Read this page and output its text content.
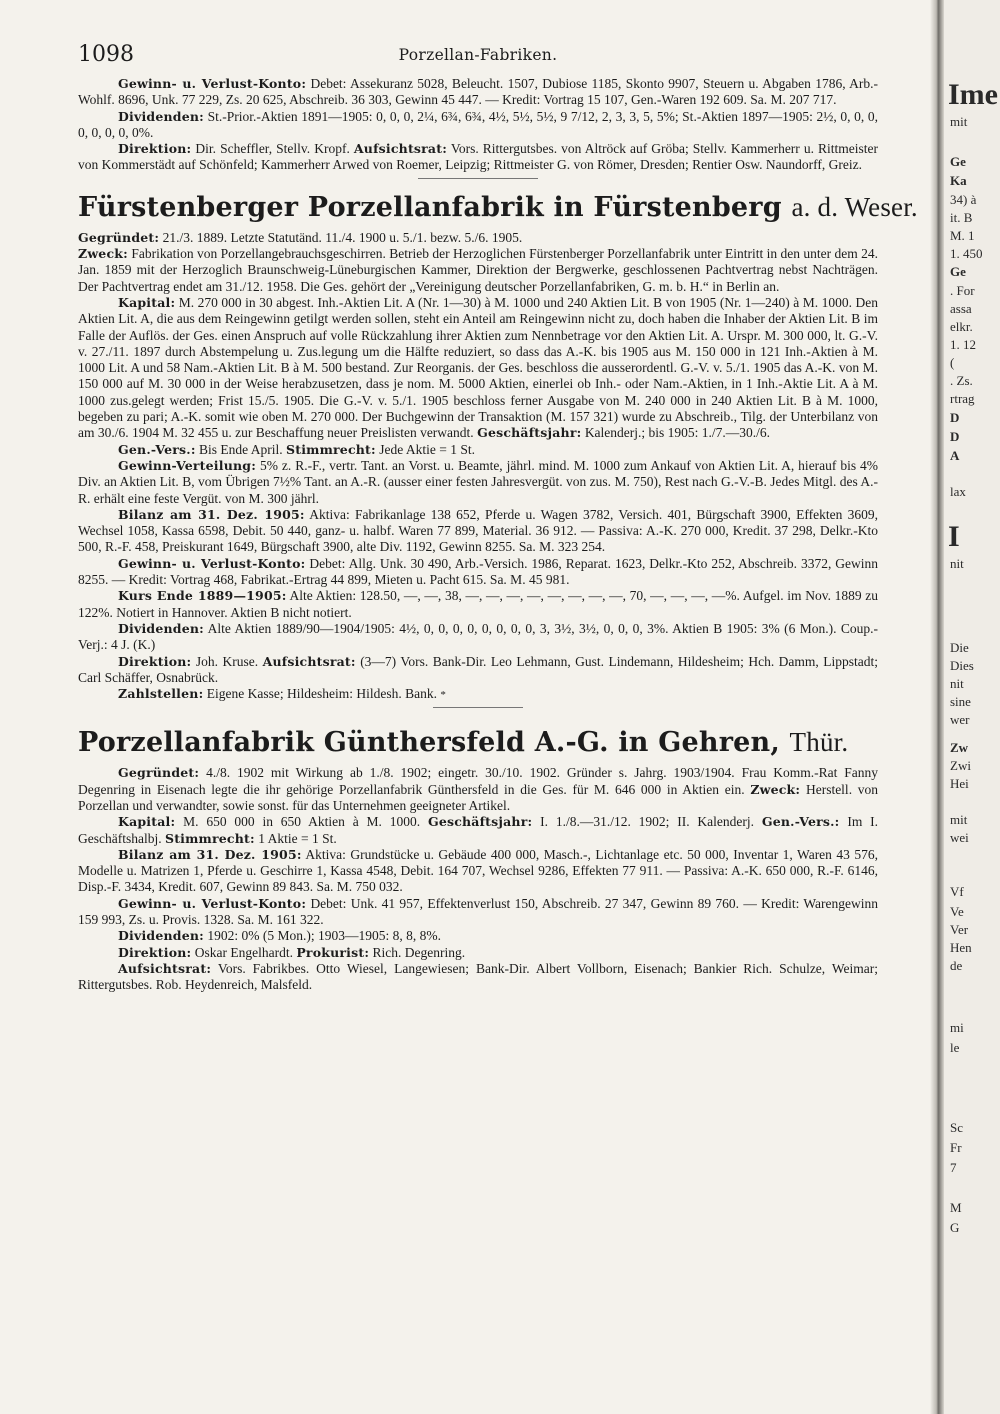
Ime
mit
Ge
Ka
34) à
it. B
M. 1
1. 450
Ge
. For
assa
elkr.
1. 12
(
. Zs.
rtrag
D
D
A
lax
I
nit
Die
Dies
nit
sine
wer
Zw
Zwi
Hei
mit
wei
Vf
Ve
Ver
Hen
de
mi
le
Sc
Fr
7
M
G
1098	Porzellan-Fabriken.

Gewinn- u. Verlust-Konto: Debet: Assekuranz 5028, Beleucht. 1507, Dubiose 1185, Skonto 9907, Steuern u. Abgaben 1786, Arb.-Wohlf. 8696, Unk. 77 229, Zs. 20 625, Abschreib. 36 303, Gewinn 45 447. — Kredit: Vortrag 15 107, Gen.-Waren 192 609. Sa. M. 207 717.

Dividenden: St.-Prior.-Aktien 1891—1905: 0, 0, 0, 2¼, 6¾, 6¾, 4½, 5½, 5½, 9 7/12, 2, 3, 3, 5, 5%; St.-Aktien 1897—1905: 2½, 0, 0, 0, 0, 0, 0, 0, 0%.

Direktion: Dir. Scheffler, Stellv. Kropf. Aufsichtsrat: Vors. Rittergutsbes. von Altröck auf Gröba; Stellv. Kammerherr u. Rittmeister von Kommerstädt auf Schönfeld; Kammerherr Arwed von Roemer, Leipzig; Rittmeister G. von Römer, Dresden; Rentier Osw. Naundorff, Greiz.

Fürstenberger Porzellanfabrik in Fürstenberg a. d. Weser.

Gegründet: 21./3. 1889. Letzte Statutänd. 11./4. 1900 u. 5./1. bezw. 5./6. 1905.

Zweck: Fabrikation von Porzellangebrauchsgeschirren. Betrieb der Herzoglichen Fürstenberger Porzellanfabrik unter Eintritt in den unter dem 24. Jan. 1859 mit der Herzoglich Braunschweig-Lüneburgischen Kammer, Direktion der Bergwerke, geschlossenen Pachtvertrag nebst Nachträgen. Der Pachtvertrag endet am 31./12. 1958. Die Ges. gehört der „Vereinigung deutscher Porzellanfabriken, G. m. b. H.“ in Berlin an.

Kapital: M. 270 000 in 30 abgest. Inh.-Aktien Lit. A (Nr. 1—30) à M. 1000 und 240 Aktien Lit. B von 1905 (Nr. 1—240) à M. 1000. Den Aktien Lit. A, die aus dem Reingewinn getilgt werden sollen, steht ein Anteil am Reingewinn nicht zu, doch haben die Inhaber der Aktien Lit. B im Falle der Auflös. der Ges. einen Anspruch auf volle Rückzahlung ihrer Aktien zum Nennbetrage vor den Aktien Lit. A. Urspr. M. 300 000, lt. G.-V. v. 27./11. 1897 durch Abstempelung u. Zus.legung um die Hälfte reduziert, so dass das A.-K. bis 1905 aus M. 150 000 in 121 Inh.-Aktien à M. 1000 Lit. A und 58 Nam.-Aktien Lit. B à M. 500 bestand. Zur Reorganis. der Ges. beschloss die ausserordentl. G.-V. v. 5./1. 1905 das A.-K. von M. 150 000 auf M. 30 000 in der Weise herabzusetzen, dass je nom. M. 5000 Aktien, einerlei ob Inh.- oder Nam.-Aktien, in 1 Inh.-Aktie Lit. A à M. 1000 zus.gelegt werden; Frist 15./5. 1905. Die G.-V. v. 5./1. 1905 beschloss ferner Ausgabe von M. 240 000 in 240 Aktien Lit. B à M. 1000, begeben zu pari; A.-K. somit wie oben M. 270 000. Der Buchgewinn der Transaktion (M. 157 321) wurde zu Abschreib., Tilg. der Unterbilanz von am 30./6. 1904 M. 32 455 u. zur Beschaffung neuer Preislisten verwandt. Geschäftsjahr: Kalenderj.; bis 1905: 1./7.—30./6.

Gen.-Vers.: Bis Ende April. Stimmrecht: Jede Aktie = 1 St.

Gewinn-Verteilung: 5% z. R.-F., vertr. Tant. an Vorst. u. Beamte, jährl. mind. M. 1000 zum Ankauf von Aktien Lit. A, hierauf bis 4% Div. an Aktien Lit. B, vom Übrigen 7½% Tant. an A.-R. (ausser einer festen Jahresvergüt. von zus. M. 750), Rest nach G.-V.-B. Jedes Mitgl. des A.-R. erhält eine feste Vergüt. von M. 300 jährl.

Bilanz am 31. Dez. 1905: Aktiva: Fabrikanlage 138 652, Pferde u. Wagen 3782, Versich. 401, Bürgschaft 3900, Effekten 3609, Wechsel 1058, Kassa 6598, Debit. 50 440, ganz- u. halbf. Waren 77 899, Material. 36 912. — Passiva: A.-K. 270 000, Kredit. 37 298, Delkr.-Kto 500, R.-F. 458, Preiskurant 1649, Bürgschaft 3900, alte Div. 1192, Gewinn 8255. Sa. M. 323 254.

Gewinn- u. Verlust-Konto: Debet: Allg. Unk. 30 490, Arb.-Versich. 1986, Reparat. 1623, Delkr.-Kto 252, Abschreib. 3372, Gewinn 8255. — Kredit: Vortrag 468, Fabrikat.-Ertrag 44 899, Mieten u. Pacht 615. Sa. M. 45 981.

Kurs Ende 1889—1905: Alte Aktien: 128.50, —, —, 38, —, —, —, —, —, —, —, —, 70, —, —, —, —%. Aufgel. im Nov. 1889 zu 122%. Notiert in Hannover. Aktien B nicht notiert.

Dividenden: Alte Aktien 1889/90—1904/1905: 4½, 0, 0, 0, 0, 0, 0, 0, 0, 3, 3½, 3½, 0, 0, 0, 3%. Aktien B 1905: 3% (6 Mon.). Coup.-Verj.: 4 J. (K.)

Direktion: Joh. Kruse. Aufsichtsrat: (3—7) Vors. Bank-Dir. Leo Lehmann, Gust. Lindemann, Hildesheim; Hch. Damm, Lippstadt; Carl Schäffer, Osnabrück.

Zahlstellen: Eigene Kasse; Hildesheim: Hildesh. Bank. *

Porzellanfabrik Günthersfeld A.-G. in Gehren, Thür.

Gegründet: 4./8. 1902 mit Wirkung ab 1./8. 1902; eingetr. 30./10. 1902. Gründer s. Jahrg. 1903/1904. Frau Komm.-Rat Fanny Degenring in Eisenach legte die ihr gehörige Porzellanfabrik Günthersfeld in die Ges. für M. 646 000 in Aktien ein. Zweck: Herstell. von Porzellan und verwandter, sowie sonst. für das Unternehmen geeigneter Artikel.

Kapital: M. 650 000 in 650 Aktien à M. 1000. Geschäftsjahr: I. 1./8.—31./12. 1902; II. Kalenderj. Gen.-Vers.: Im I. Geschäftshalbj. Stimmrecht: 1 Aktie = 1 St.

Bilanz am 31. Dez. 1905: Aktiva: Grundstücke u. Gebäude 400 000, Masch.-, Lichtanlage etc. 50 000, Inventar 1, Waren 43 576, Modelle u. Matrizen 1, Pferde u. Geschirre 1, Kassa 4548, Debit. 164 707, Wechsel 9286, Effekten 77 911. — Passiva: A.-K. 650 000, R.-F. 6146, Disp.-F. 3434, Kredit. 607, Gewinn 89 843. Sa. M. 750 032.

Gewinn- u. Verlust-Konto: Debet: Unk. 41 957, Effektenverlust 150, Abschreib. 27 347, Gewinn 89 760. — Kredit: Warengewinn 159 993, Zs. u. Provis. 1328. Sa. M. 161 322.

Dividenden: 1902: 0% (5 Mon.); 1903—1905: 8, 8, 8%.

Direktion: Oskar Engelhardt. Prokurist: Rich. Degenring.

Aufsichtsrat: Vors. Fabrikbes. Otto Wiesel, Langewiesen; Bank-Dir. Albert Vollborn, Eisenach; Bankier Rich. Schulze, Weimar; Rittergutsbes. Rob. Heydenreich, Malsfeld.
